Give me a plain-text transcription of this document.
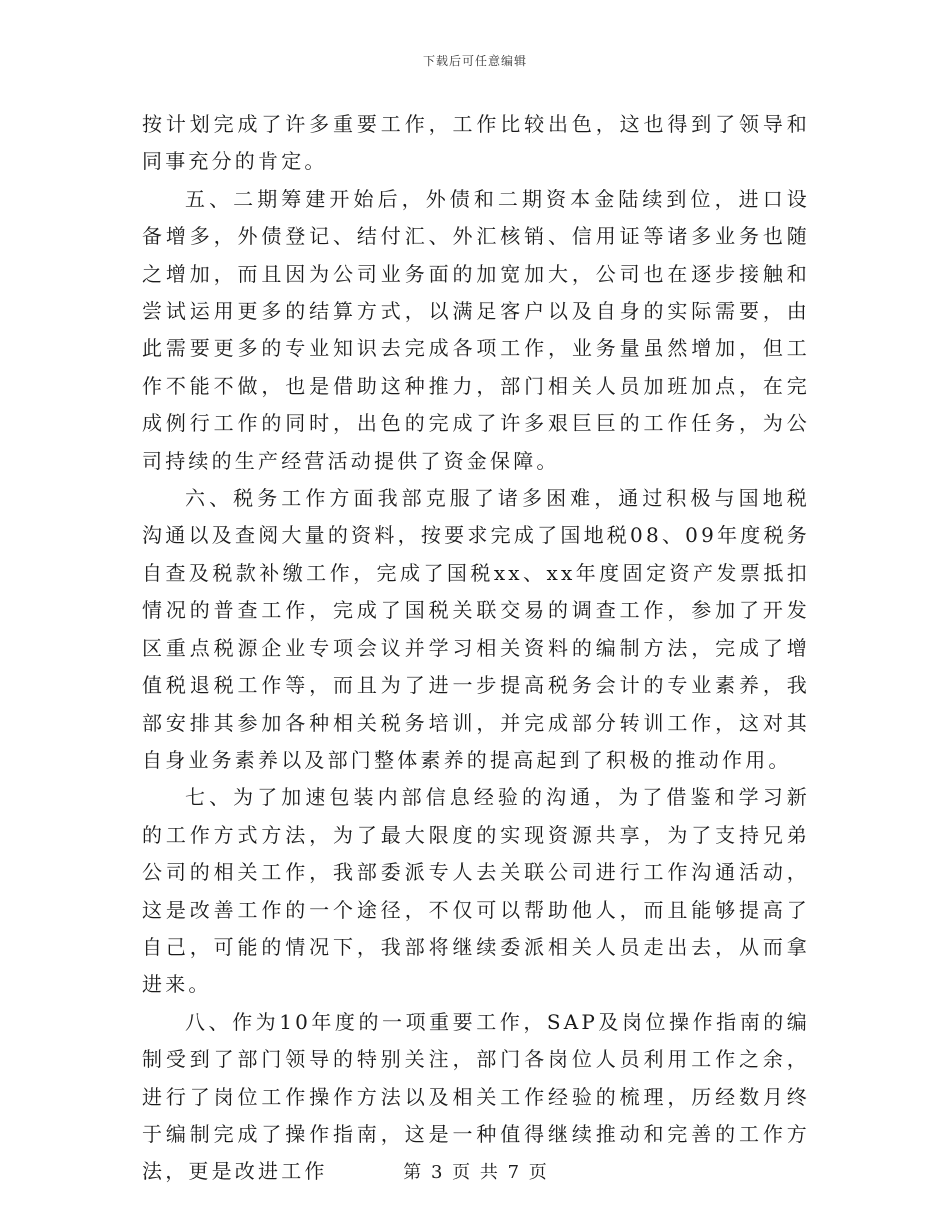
下载后可任意编辑

按计划完成了许多重要工作，工作比较出色，这也得到了领导和同事充分的肯定。

五、二期筹建开始后，外债和二期资本金陆续到位，进口设备增多，外债登记、结付汇、外汇核销、信用证等诸多业务也随之增加，而且因为公司业务面的加宽加大，公司也在逐步接触和尝试运用更多的结算方式，以满足客户以及自身的实际需要，由此需要更多的专业知识去完成各项工作，业务量虽然增加，但工作不能不做，也是借助这种推力，部门相关人员加班加点，在完成例行工作的同时，出色的完成了许多艰巨巨的工作任务，为公司持续的生产经营活动提供了资金保障。

六、税务工作方面我部克服了诸多困难，通过积极与国地税沟通以及查阅大量的资料，按要求完成了国地税08、09年度税务自查及税款补缴工作，完成了国税xx、xx年度固定资产发票抵扣情况的普查工作，完成了国税关联交易的调查工作，参加了开发区重点税源企业专项会议并学习相关资料的编制方法，完成了增值税退税工作等，而且为了进一步提高税务会计的专业素养，我部安排其参加各种相关税务培训，并完成部分转训工作，这对其自身业务素养以及部门整体素养的提高起到了积极的推动作用。

七、为了加速包装内部信息经验的沟通，为了借鉴和学习新的工作方式方法，为了最大限度的实现资源共享，为了支持兄弟公司的相关工作，我部委派专人去关联公司进行工作沟通活动，这是改善工作的一个途径，不仅可以帮助他人，而且能够提高了自己，可能的情况下，我部将继续委派相关人员走出去，从而拿进来。

八、作为10年度的一项重要工作，SAP及岗位操作指南的编制受到了部门领导的特别关注，部门各岗位人员利用工作之余，进行了岗位工作操作方法以及相关工作经验的梳理，历经数月终于编制完成了操作指南，这是一种值得继续推动和完善的工作方法，更是改进工作	第 3 页 共 7 页
